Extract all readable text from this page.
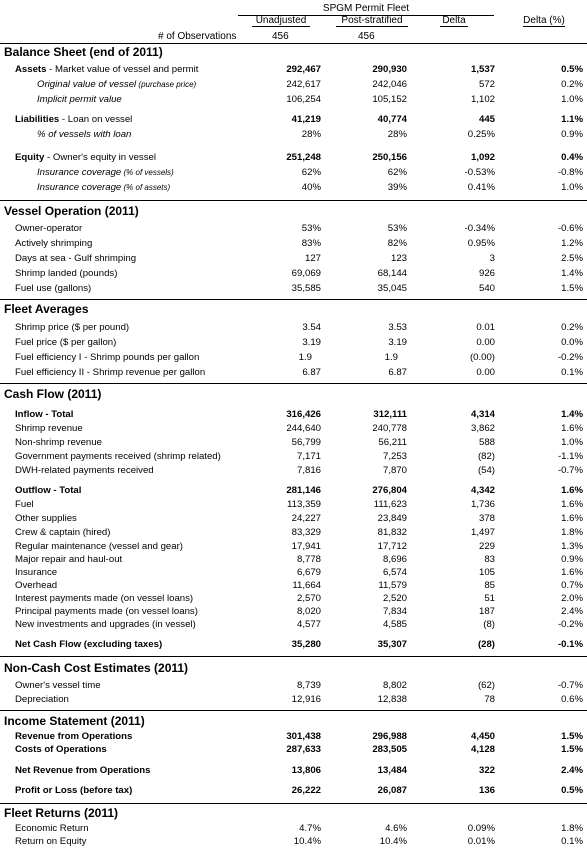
SPGM Permit Fleet
Unadjusted	Post-stratified	Delta	Delta (%)
# of Observations	456	456
Balance Sheet (end of 2011)
Assets - Market value of vessel and permit	292,467	290,930	1,537	0.5%
Original value of vessel (purchase price)	242,617	242,046	572	0.2%
Implicit permit value	106,254	105,152	1,102	1.0%
Liabilities - Loan on vessel	41,219	40,774	445	1.1%
% of vessels with loan	28%	28%	0.25%	0.9%
Equity - Owner's equity in vessel	251,248	250,156	1,092	0.4%
Insurance coverage (% of vessels)	62%	62%	-0.53%	-0.8%
Insurance coverage (% of assets)	40%	39%	0.41%	1.0%
Vessel Operation (2011)
Owner-operator	53%	53%	-0.34%	-0.6%
Actively shrimping	83%	82%	0.95%	1.2%
Days at sea - Gulf shrimping	127	123	3	2.5%
Shrimp landed (pounds)	69,069	68,144	926	1.4%
Fuel use (gallons)	35,585	35,045	540	1.5%
Fleet Averages
Shrimp price ($ per pound)	3.54	3.53	0.01	0.2%
Fuel price ($ per gallon)	3.19	3.19	0.00	0.0%
Fuel efficiency I - Shrimp pounds per gallon	1.9	1.9	(0.00)	-0.2%
Fuel efficiency II - Shrimp revenue per gallon	6.87	6.87	0.00	0.1%
Cash Flow (2011)
Inflow - Total	316,426	312,111	4,314	1.4%
Shrimp revenue	244,640	240,778	3,862	1.6%
Non-shrimp revenue	56,799	56,211	588	1.0%
Government payments received (shrimp related)	7,171	7,253	(82)	-1.1%
DWH-related payments received	7,816	7,870	(54)	-0.7%
Outflow - Total	281,146	276,804	4,342	1.6%
Fuel	113,359	111,623	1,736	1.6%
Other supplies	24,227	23,849	378	1.6%
Crew & captain (hired)	83,329	81,832	1,497	1.8%
Regular maintenance (vessel and gear)	17,941	17,712	229	1.3%
Major repair and haul-out	8,778	8,696	83	0.9%
Insurance	6,679	6,574	105	1.6%
Overhead	11,664	11,579	85	0.7%
Interest payments made (on vessel loans)	2,570	2,520	51	2.0%
Principal payments made (on vessel loans)	8,020	7,834	187	2.4%
New investments and upgrades (in vessel)	4,577	4,585	(8)	-0.2%
Net Cash Flow (excluding taxes)	35,280	35,307	(28)	-0.1%
Non-Cash Cost Estimates (2011)
Owner's vessel time	8,739	8,802	(62)	-0.7%
Depreciation	12,916	12,838	78	0.6%
Income Statement (2011)
Revenue from Operations	301,438	296,988	4,450	1.5%
Costs of Operations	287,633	283,505	4,128	1.5%
Net Revenue from Operations	13,806	13,484	322	2.4%
Profit or Loss (before tax)	26,222	26,087	136	0.5%
Fleet Returns (2011)
Economic Return	4.7%	4.6%	0.09%	1.8%
Return on Equity	10.4%	10.4%	0.01%	0.1%
